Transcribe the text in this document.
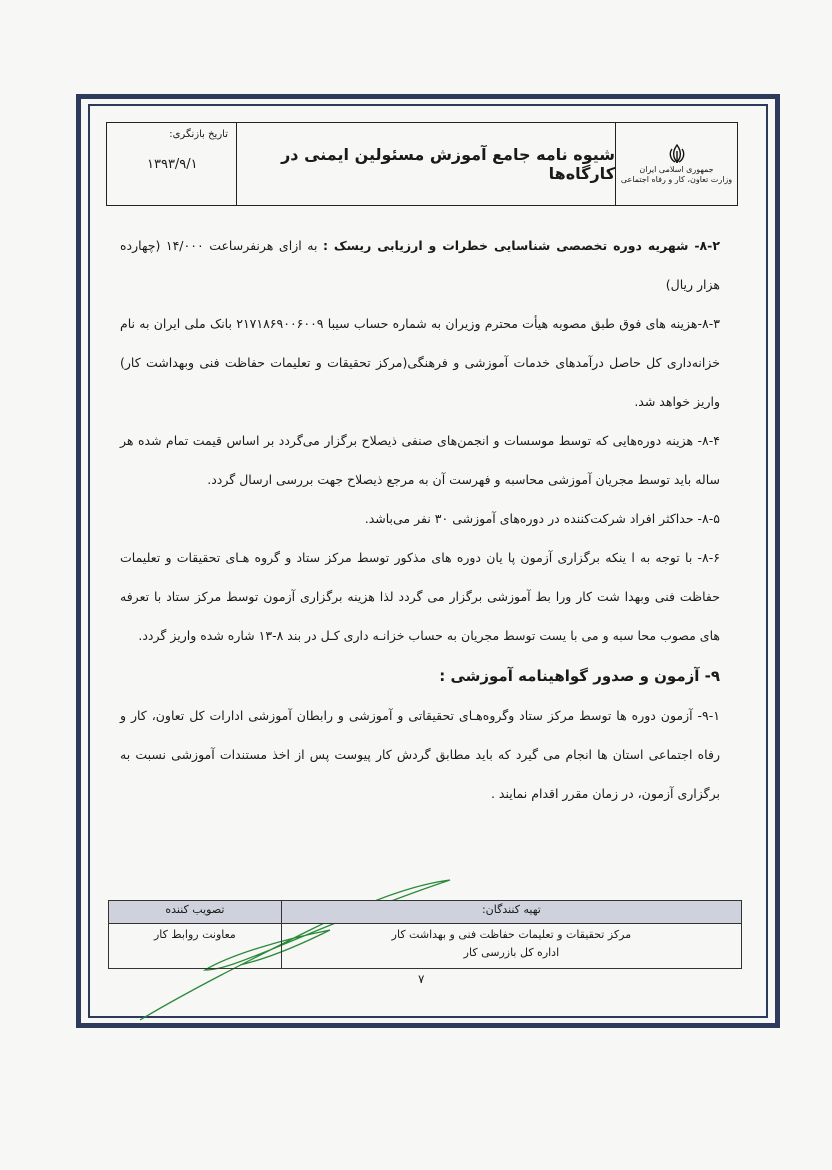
تاریخ بازنگری:
۱۳۹۳/۹/۱
شیوه نامه جامع آموزش مسئولین ایمنی در کارگاه‌ها	جمهوری اسلامی ایران
وزارت تعاون، کار و رفاه اجتماعی

۸-۲- شهریه دوره تخصصی شناسایی خطرات و ارزیابی ریسک : به ازای هرنفرساعت ۱۴/۰۰۰ (چهارده هزار ریال)

۸-۳-هزینه های فوق طبق مصوبه هیأت محترم وزیران به شماره حساب سیبا ۲۱۷۱۸۶۹۰۰۶۰۰۹ بانک ملی ایران به نام خزانه‌داری کل حاصل درآمدهای خدمات آموزشی و فرهنگی(مرکز تحقیقات و تعلیمات حفاظت فنی وبهداشت کار) واریز خواهد شد.

۸-۴- هزینه دوره‌هایی که توسط موسسات و انجمن‌های صنفی ذیصلاح برگزار می‌گردد بر اساس قیمت تمام شده هر ساله باید توسط مجریان آموزشی محاسبه و فهرست آن به مرجع ذیصلاح جهت بررسی ارسال گردد.

۸-۵- حداکثر افراد شرکت‌کننده در دوره‌های آموزشی ۳۰ نفر می‌باشد.

۸-۶- با توجه به ا ینکه برگزاری آزمون پا یان دوره های مذکور توسط مرکز ستاد و گروه هـای تحقیقات و تعلیمات حفاظت فنی وبهدا شت کار ورا بط آموزشی برگزار می گردد لذا هزینه برگزاری آزمون توسط مرکز ستاد با تعرفه های مصوب محا سبه و می با یست توسط مجریان به حساب خزانـه داری کـل در بند ۸-۱۳ شاره شده واریز گردد.

۹- آزمون و صدور گواهینامه آموزشی :

۹-۱- آزمون دوره ها توسط مرکز ستاد وگروه‌هـای تحقیقاتی و آموزشی و رابطان آموزشی ادارات کل تعاون، کار و رفاه اجتماعی استان ها انجام می گیرد که باید مطابق گردش کار پیوست پس از اخذ مستندات آموزشی نسبت به برگزاری آزمون، در زمان مقرر اقدام نمایند .

تهیه کنندگان:	تصویب کننده

مرکز تحقیقات و تعلیمات حفاظت فنی و بهداشت کار
اداره کل بازرسی کار	معاونت روابط کار
۷
